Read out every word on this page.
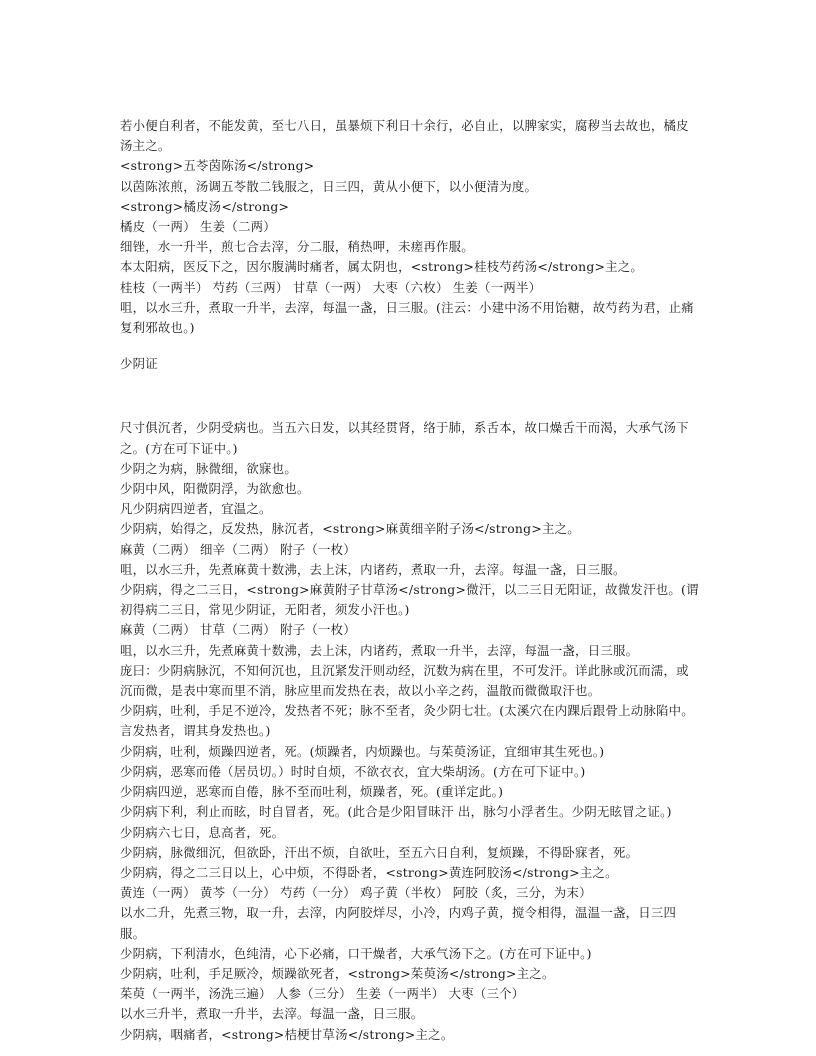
若小便自利者，不能发黄，至七八日，虽暴烦下利日十余行，必自止，以脾家实，腐秽当去故也，橘皮汤主之。

<strong>五苓茵陈汤</strong>

以茵陈浓煎，汤调五苓散二钱服之，日三四，黄从小便下，以小便清为度。

<strong>橘皮汤</strong>

橘皮（一两） 生姜（二两）

细锉，水一升半，煎七合去滓，分二服，稍热呷，未瘥再作服。

本太阳病，医反下之，因尔腹满时痛者，属太阴也，<strong>桂枝芍药汤</strong>主之。

桂枝（一两半） 芍药（三两） 甘草（一两） 大枣（六枚） 生姜（一两半）

咀，以水三升，煮取一升半，去滓，每温一盏，日三服。(注云：小建中汤不用饴糖，故芍药为君，止痛复利邪故也。)

少阴证

尺寸俱沉者，少阴受病也。当五六日发，以其经贯肾，络于肺，系舌本，故口燥舌干而渴，大承气汤下之。(方在可下证中。)

少阴之为病，脉微细，欲寐也。

少阴中风，阳微阴浮，为欲愈也。

凡少阴病四逆者，宜温之。

少阴病，始得之，反发热，脉沉者，<strong>麻黄细辛附子汤</strong>主之。

麻黄（二两） 细辛（二两） 附子（一枚）

咀，以水三升，先煮麻黄十数沸，去上沫，内诸药，煮取一升，去滓。每温一盏，日三服。

少阴病，得之二三日，<strong>麻黄附子甘草汤</strong>微汗，以二三日无阳证，故微发汗也。(谓初得病二三日，常见少阴证，无阳者，须发小汗也。)

麻黄（二两） 甘草（二两） 附子（一枚）

咀，以水三升，先煮麻黄十数沸，去上沫，内诸药，煮取一升半，去滓，每温一盏，日三服。

庞曰：少阴病脉沉，不知何沉也，且沉紧发汗则动经，沉数为病在里，不可发汗。详此脉或沉而濡，或沉而微，是表中寒而里不消，脉应里而发热在表，故以小辛之药，温散而微微取汗也。

少阴病，吐利，手足不逆冷，发热者不死；脉不至者，灸少阴七壮。(太溪穴在内踝后跟骨上动脉陷中。言发热者，谓其身发热也。)

少阴病，吐利，烦躁四逆者，死。(烦躁者，内烦躁也。与茱萸汤证，宜细审其生死也。)

少阴病，恶寒而倦（居员切。）时时自烦，不欲衣衣，宜大柴胡汤。(方在可下证中。)

少阴病四逆，恶寒而自倦，脉不至而吐利，烦躁者，死。(重详定此。)

少阴病下利，利止而眩，时自冒者，死。(此合是少阳冒昧汗 出，脉匀小浮者生。少阴无眩冒之证。)

少阴病六七日，息高者，死。

少阴病，脉微细沉，但欲卧，汗出不烦，自欲吐，至五六日自利，复烦躁，不得卧寐者，死。

少阴病，得之二三日以上，心中烦，不得卧者，<strong>黄连阿胶汤</strong>主之。

黄连（一两） 黄芩（一分） 芍药（一分） 鸡子黄（半枚） 阿胶（炙，三分，为末）

以水二升，先煮三物，取一升，去滓，内阿胶烊尽，小冷，内鸡子黄，搅令相得，温温一盏，日三四服。

少阴病，下利清水，色纯清，心下必痛，口干燥者，大承气汤下之。(方在可下证中。)

少阴病，吐利，手足厥冷，烦躁欲死者，<strong>茱萸汤</strong>主之。

茱萸（一两半，汤洗三遍） 人参（三分） 生姜（一两半） 大枣（三个）

以水三升半，煮取一升半，去滓。每温一盏，日三服。

少阴病，咽痛者，<strong>桔梗甘草汤</strong>主之。
